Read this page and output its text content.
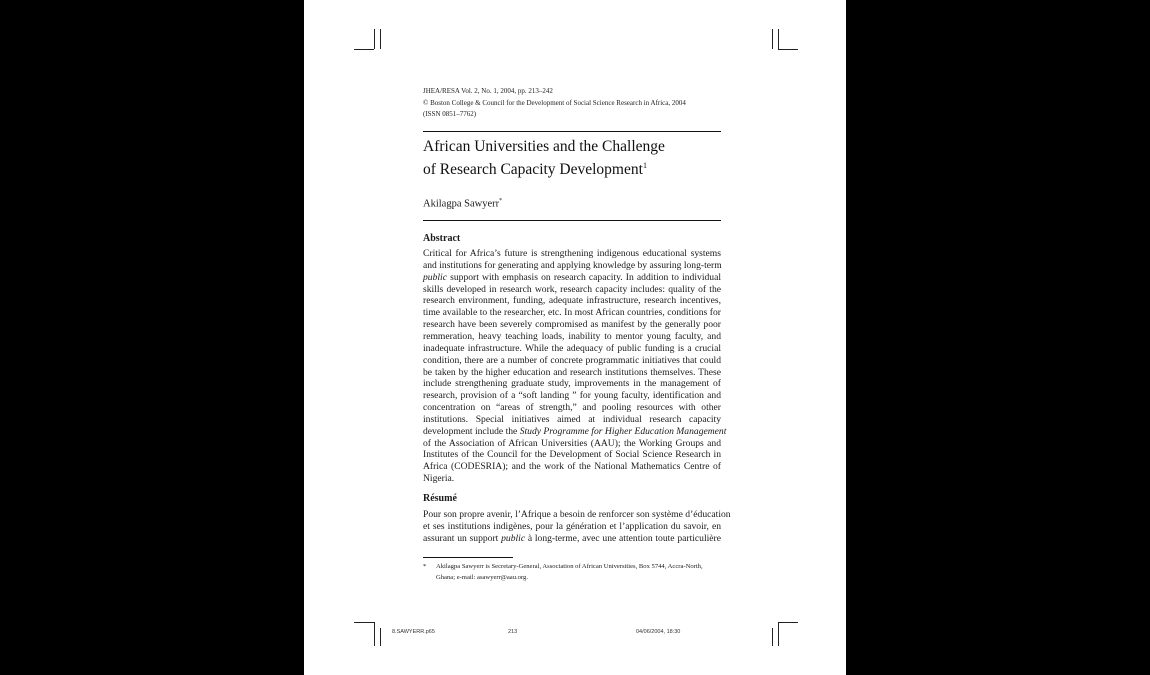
JHEA/RESA Vol. 2, No. 1, 2004, pp. 213–242
© Boston College & Council for the Development of Social Science Research in Africa, 2004
(ISSN 0851–7762)
African Universities and the Challenge
of Research Capacity Development$^1$
Akilagpa Sawyerr*
Abstract
Critical for Africa’s future is strengthening indigenous educational systems
and institutions for generating and applying knowledge by assuring long-term
public support with emphasis on research capacity. In addition to individual
skills developed in research work, research capacity includes: quality of the
research environment, funding, adequate infrastructure, research incentives,
time available to the researcher, etc. In most African countries, conditions for
research have been severely compromised as manifest by the generally poor
remmeration, heavy teaching loads, inability to mentor young faculty, and
inadequate infrastructure. While the adequacy of public funding is a crucial
condition, there are a number of concrete programmatic initiatives that could
be taken by the higher education and research institutions themselves. These
include strengthening graduate study, improvements in the management of
research, provision of a “soft landing ” for young faculty, identification and
concentration on “areas of strength,” and pooling resources with other
institutions. Special initiatives aimed at individual research capacity
development include the Study Programme for Higher Education Management
of the Association of African Universities (AAU); the Working Groups and
Institutes of the Council for the Development of Social Science Research in
Africa (CODESRIA); and the work of the National Mathematics Centre of
Nigeria.
Résumé
Pour son propre avenir, l’Afrique a besoin de renforcer son système d’éducation
et ses institutions indigènes, pour la génération et l’application du savoir, en
assurant un support public à long-terme, avec une attention toute particulière
* Akilagpa Sawyerr is Secretary-General, Association of African Universities, Box 5744, Accra-North,
Ghana; e-mail: asawyerr@aau.org.
8.SAWYERR.p65	213	04/06/2004, 18:30
